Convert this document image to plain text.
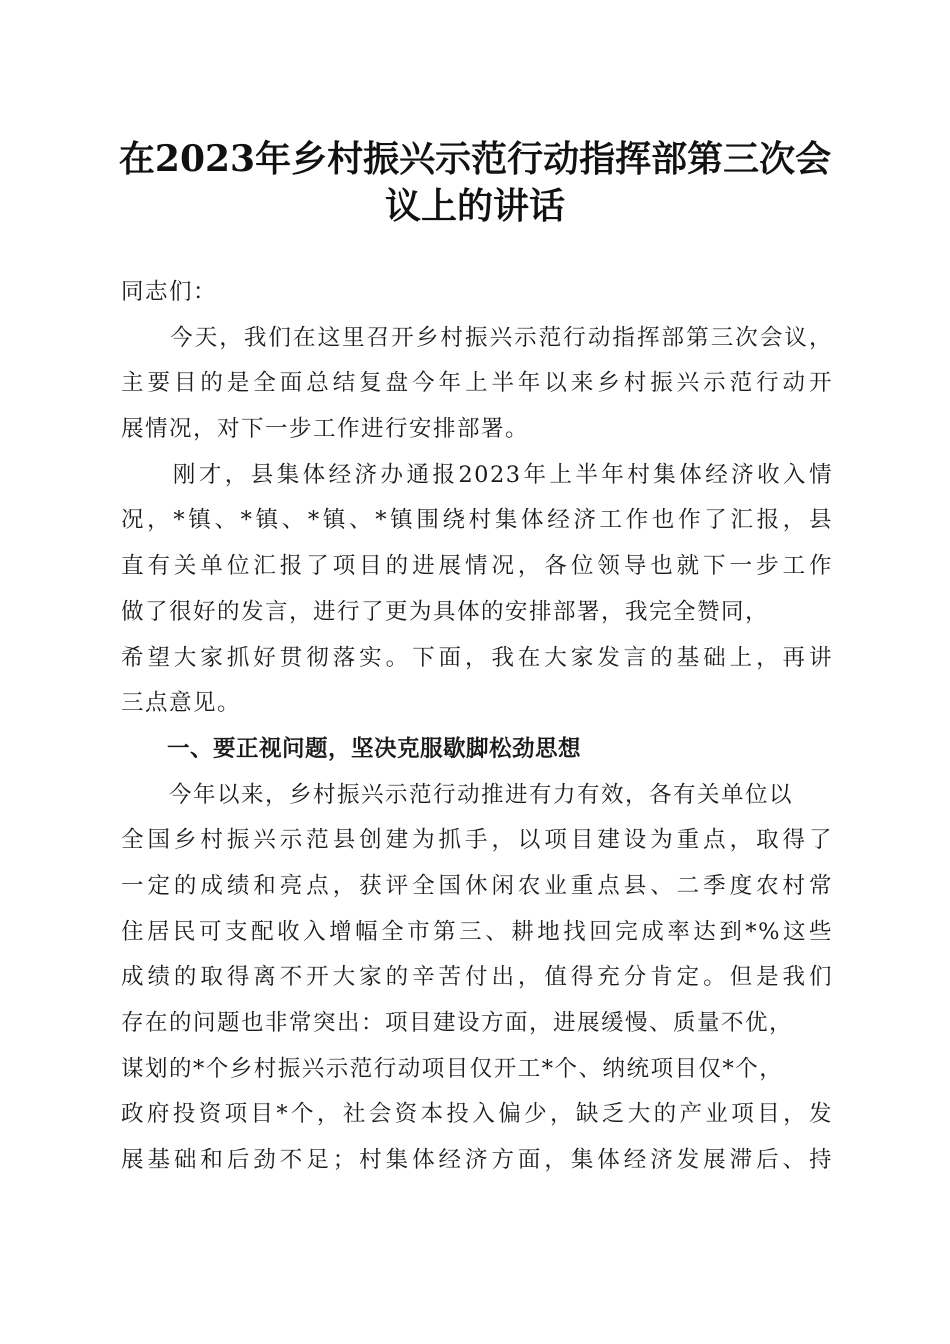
在2023年乡村振兴示范行动指挥部第三次会
议上的讲话
同志们：
　　今天，我们在这里召开乡村振兴示范行动指挥部第三次会议，
主要目的是全面总结复盘今年上半年以来乡村振兴示范行动开
展情况，对下一步工作进行安排部署。
　　刚才，县集体经济办通报2023年上半年村集体经济收入情
况，*镇、*镇、*镇、*镇围绕村集体经济工作也作了汇报，县
直有关单位汇报了项目的进展情况，各位领导也就下一步工作
做了很好的发言，进行了更为具体的安排部署，我完全赞同，
希望大家抓好贯彻落实。下面，我在大家发言的基础上，再讲
三点意见。
　　一、要正视问题，坚决克服歇脚松劲思想
　　今年以来，乡村振兴示范行动推进有力有效，各有关单位以
全国乡村振兴示范县创建为抓手，以项目建设为重点，取得了
一定的成绩和亮点，获评全国休闲农业重点县、二季度农村常
住居民可支配收入增幅全市第三、耕地找回完成率达到*%这些
成绩的取得离不开大家的辛苦付出，值得充分肯定。但是我们
存在的问题也非常突出：项目建设方面，进展缓慢、质量不优，
谋划的*个乡村振兴示范行动项目仅开工*个、纳统项目仅*个，
政府投资项目*个，社会资本投入偏少，缺乏大的产业项目，发
展基础和后劲不足；村集体经济方面，集体经济发展滞后、持
